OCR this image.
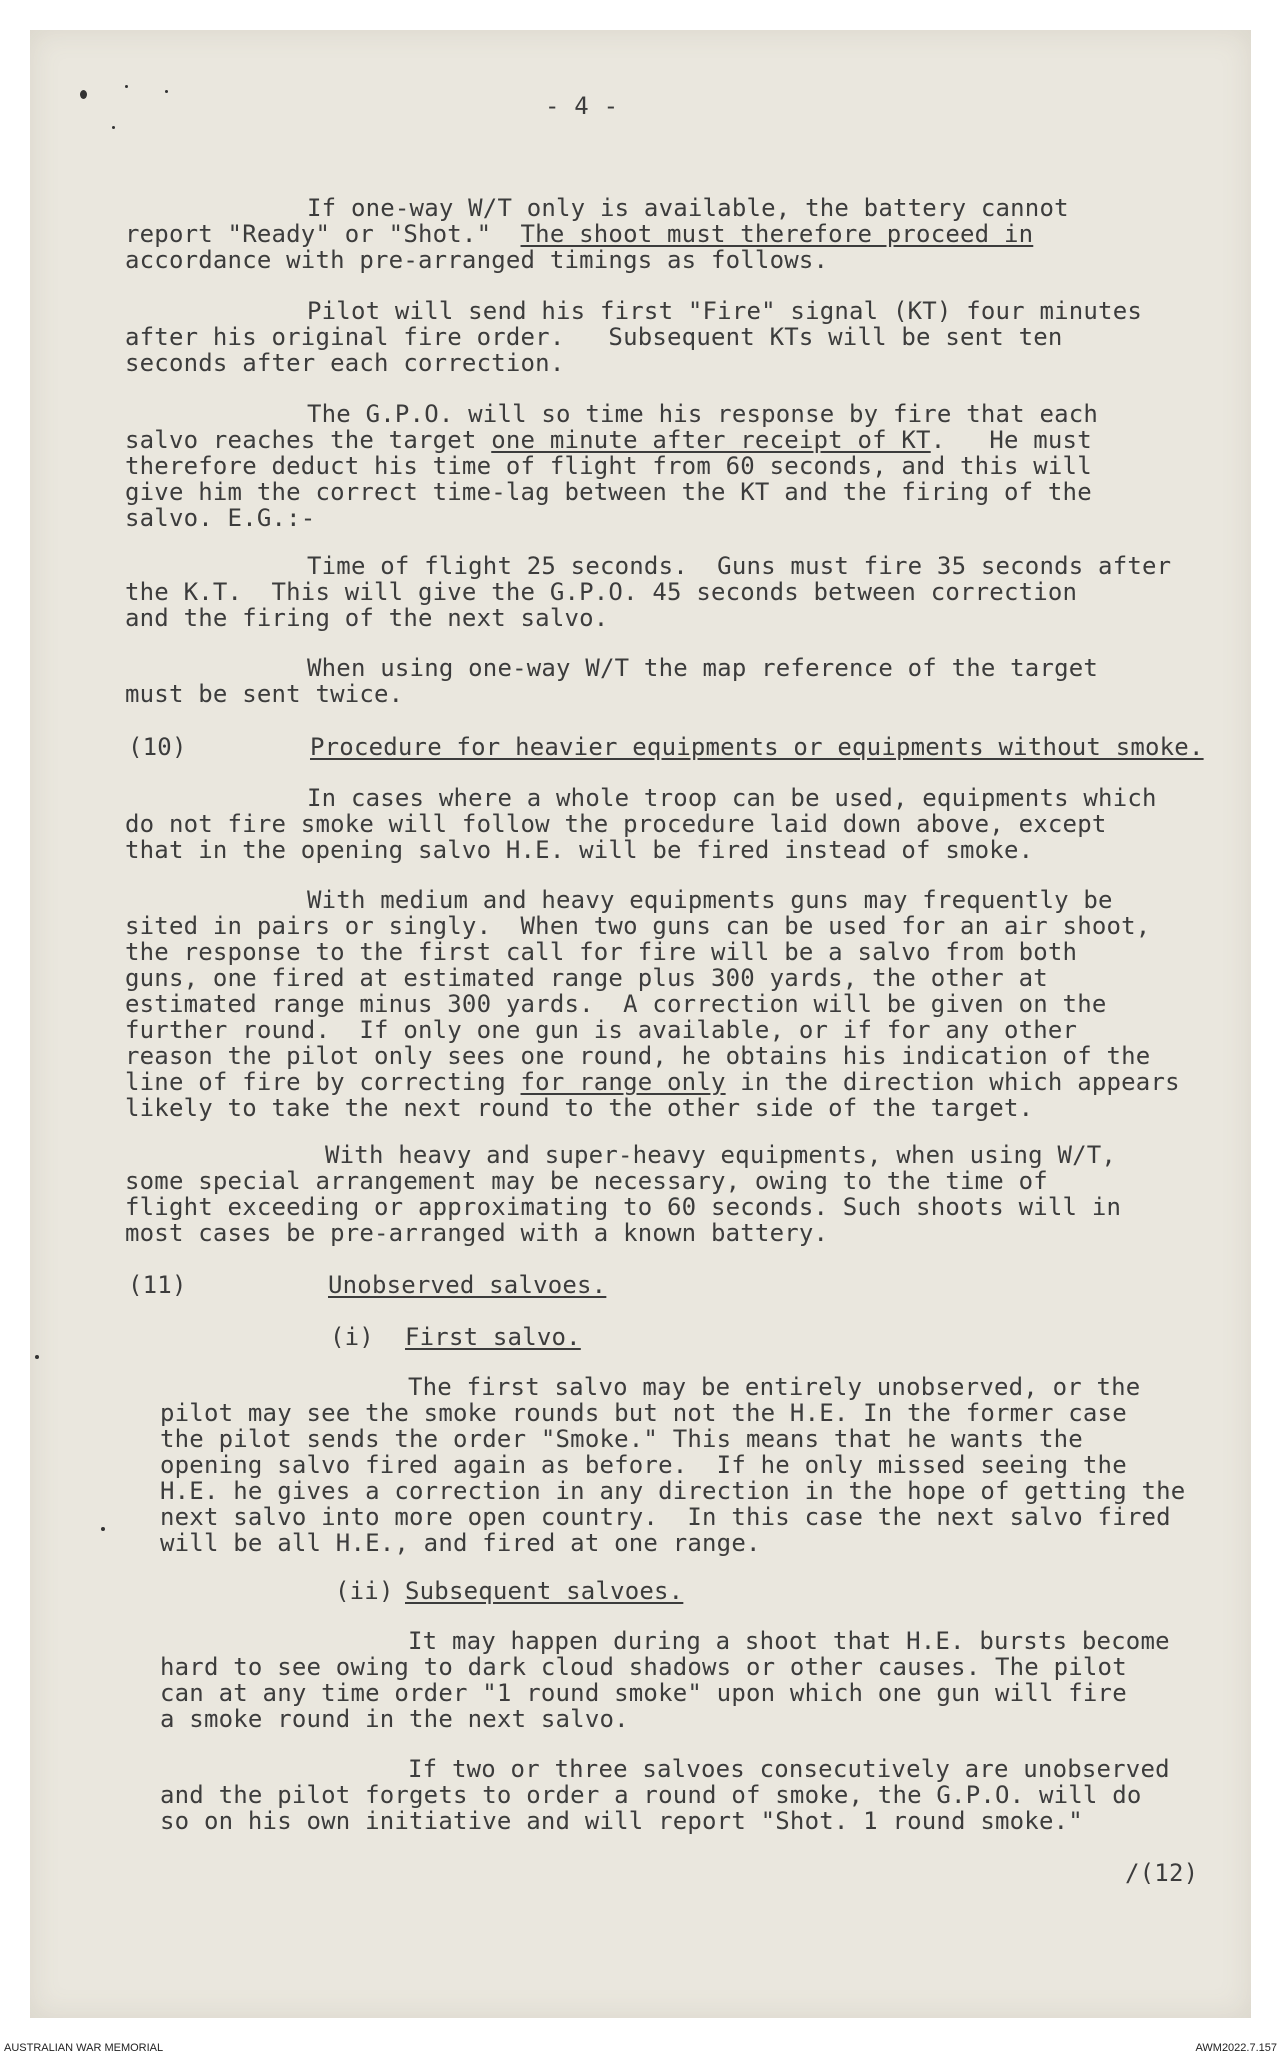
- 4 -
If one-way W/T only is available, the battery cannot
report "Ready" or "Shot."  The shoot must therefore proceed in
accordance with pre-arranged timings as follows.
Pilot will send his first "Fire" signal (KT) four minutes
after his original fire order.   Subsequent KTs will be sent ten
seconds after each correction.
The G.P.O. will so time his response by fire that each
salvo reaches the target one minute after receipt of KT.   He must
therefore deduct his time of flight from 60 seconds, and this will
give him the correct time-lag between the KT and the firing of the
salvo. E.G.:-
Time of flight 25 seconds.  Guns must fire 35 seconds after
the K.T.  This will give the G.P.O. 45 seconds between correction
and the firing of the next salvo.
When using one-way W/T the map reference of the target
must be sent twice.
(10)	Procedure for heavier equipments or equipments without smoke.
In cases where a whole troop can be used, equipments which
do not fire smoke will follow the procedure laid down above, except
that in the opening salvo H.E. will be fired instead of smoke.
With medium and heavy equipments guns may frequently be
sited in pairs or singly.  When two guns can be used for an air shoot,
the response to the first call for fire will be a salvo from both
guns, one fired at estimated range plus 300 yards, the other at
estimated range minus 300 yards.  A correction will be given on the
further round.  If only one gun is available, or if for any other
reason the pilot only sees one round, he obtains his indication of the
line of fire by correcting for range only in the direction which appears
likely to take the next round to the other side of the target.
With heavy and super-heavy equipments, when using W/T,
some special arrangement may be necessary, owing to the time of
flight exceeding or approximating to 60 seconds. Such shoots will in
most cases be pre-arranged with a known battery.
(11)	Unobserved salvoes.
(i)	First salvo.
The first salvo may be entirely unobserved, or the
pilot may see the smoke rounds but not the H.E. In the former case
the pilot sends the order "Smoke." This means that he wants the
opening salvo fired again as before.  If he only missed seeing the
H.E. he gives a correction in any direction in the hope of getting the
next salvo into more open country.  In this case the next salvo fired
will be all H.E., and fired at one range.
(ii) Subsequent salvoes.
It may happen during a shoot that H.E. bursts become
hard to see owing to dark cloud shadows or other causes. The pilot
can at any time order "1 round smoke" upon which one gun will fire
a smoke round in the next salvo.
If two or three salvoes consecutively are unobserved
and the pilot forgets to order a round of smoke, the G.P.O. will do
so on his own initiative and will report "Shot. 1 round smoke."
/(12)
AUSTRALIAN WAR MEMORIAL	AWM2022.7.157
